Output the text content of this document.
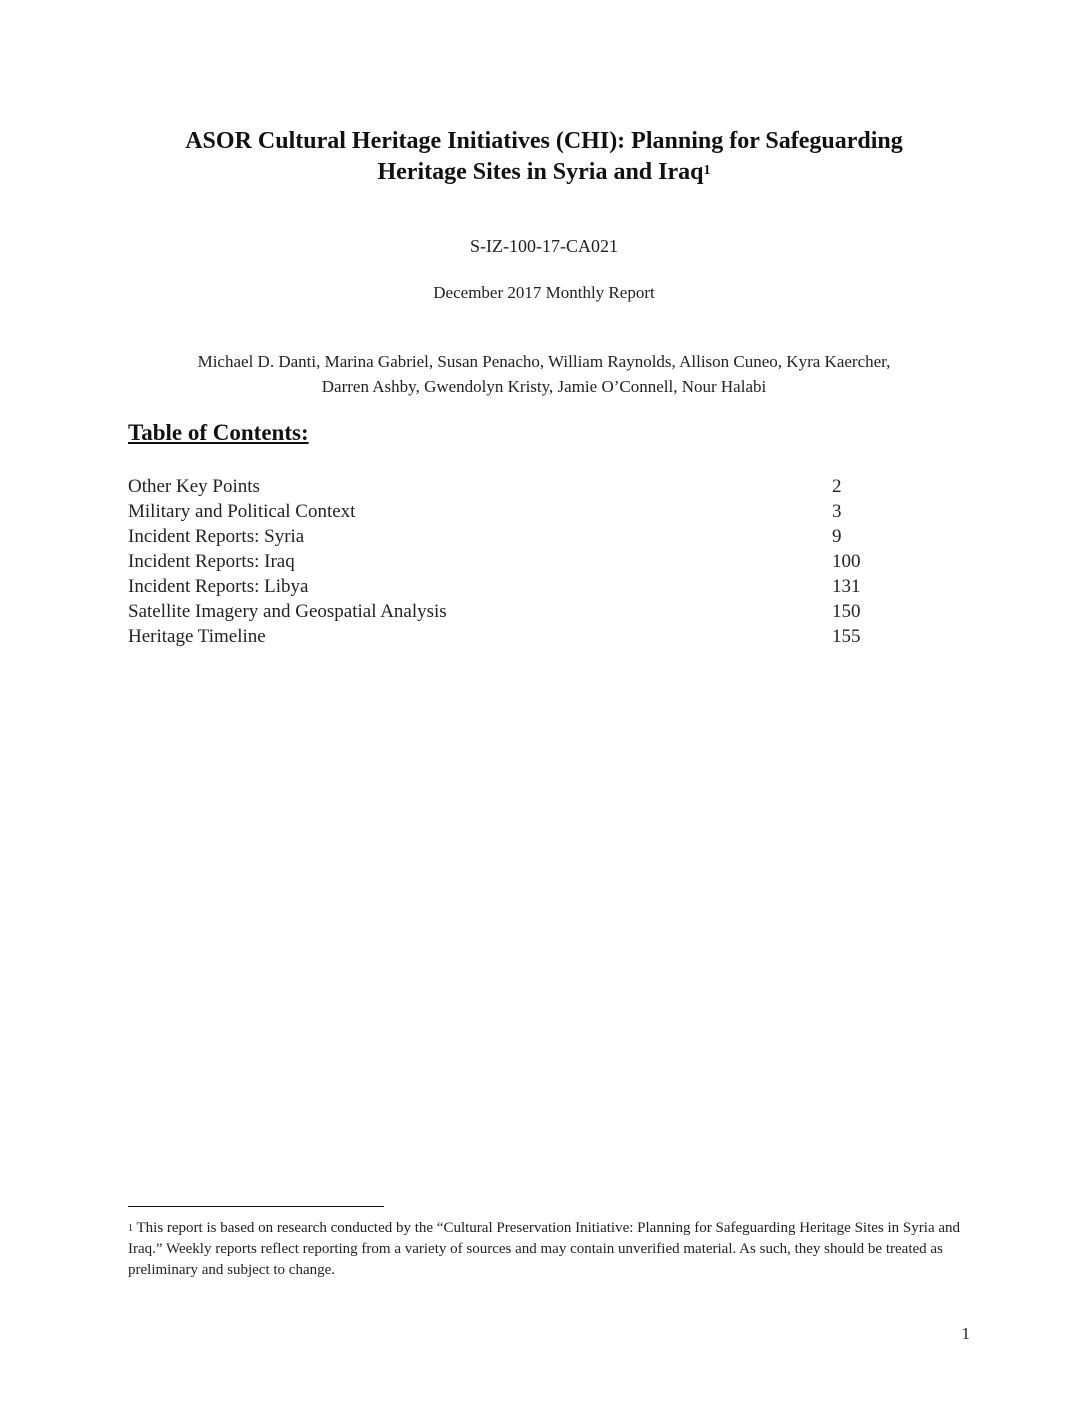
ASOR Cultural Heritage Initiatives (CHI): Planning for Safeguarding
Heritage Sites in Syria and Iraq$^1$
S-IZ-100-17-CA021
December 2017 Monthly Report
Michael D. Danti, Marina Gabriel, Susan Penacho, William Raynolds, Allison Cuneo, Kyra Kaercher,
Darren Ashby, Gwendolyn Kristy, Jamie O’Connell, Nour Halabi
Table of Contents:
Other Key Points	2
Military and Political Context	3
Incident Reports: Syria	9
Incident Reports: Iraq	100
Incident Reports: Libya	131
Satellite Imagery and Geospatial Analysis	150
Heritage Timeline	155
$^1$ This report is based on research conducted by the “Cultural Preservation Initiative: Planning for Safeguarding Heritage Sites in Syria and Iraq.” Weekly reports reflect reporting from a variety of sources and may contain unverified material. As such, they should be treated as preliminary and subject to change.
1
